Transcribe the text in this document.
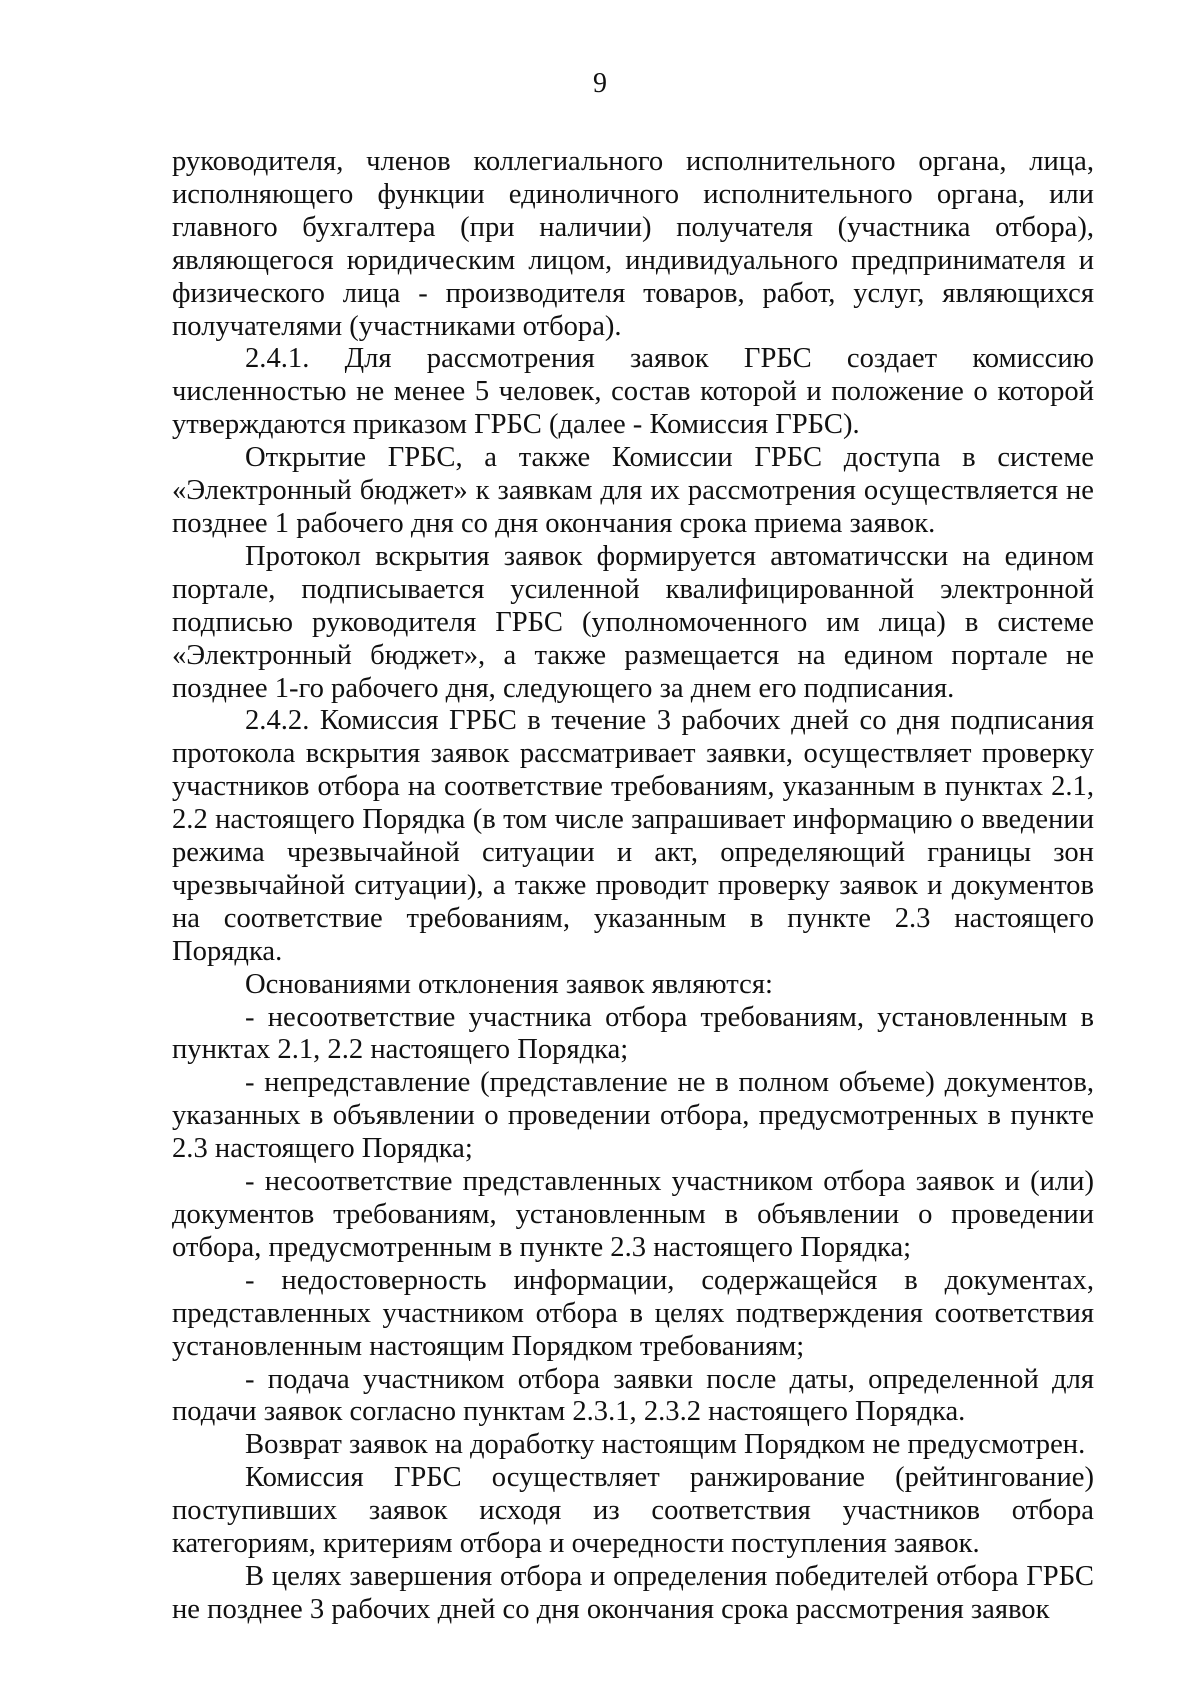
9

руководителя, членов коллегиального исполнительного органа, лица, исполняющего функции единоличного исполнительного органа, или главного бухгалтера (при наличии) получателя (участника отбора), являющегося юридическим лицом, индивидуального предпринимателя и физического лица - производителя товаров, работ, услуг, являющихся получателями (участниками отбора).

2.4.1. Для рассмотрения заявок ГРБС создает комиссию численностью не менее 5 человек, состав которой и положение о которой утверждаются приказом ГРБС (далее - Комиссия ГРБС).

Открытие ГРБС, а также Комиссии ГРБС доступа в системе «Электронный бюджет» к заявкам для их рассмотрения осуществляется не позднее 1 рабочего дня со дня окончания срока приема заявок.

Протокол вскрытия заявок формируется автоматичсски на едином портале, подписывается усиленной квалифицированной электронной подписью руководителя ГРБС (уполномоченного им лица) в системе «Электронный бюджет», а также размещается на едином портале не позднее 1-го рабочего дня, следующего за днем его подписания.

2.4.2. Комиссия ГРБС в течение 3 рабочих дней со дня подписания протокола вскрытия заявок рассматривает заявки, осуществляет проверку участников отбора на соответствие требованиям, указанным в пунктах 2.1, 2.2 настоящего Порядка (в том числе запрашивает информацию о введении режима чрезвычайной ситуации и акт, определяющий границы зон чрезвычайной ситуации), а также проводит проверку заявок и документов на соответствие требованиям, указанным в пункте 2.3 настоящего Порядка.

Основаниями отклонения заявок являются:

- несоответствие участника отбора требованиям, установленным в пунктах 2.1, 2.2 настоящего Порядка;

- непредставление (представление не в полном объеме) документов, указанных в объявлении о проведении отбора, предусмотренных в пункте 2.3 настоящего Порядка;

- несоответствие представленных участником отбора заявок и (или) документов требованиям, установленным в объявлении о проведении отбора, предусмотренным в пункте 2.3 настоящего Порядка;

- недостоверность информации, содержащейся в документах, представленных участником отбора в целях подтверждения соответствия установленным настоящим Порядком требованиям;

- подача участником отбора заявки после даты, определенной для подачи заявок согласно пунктам 2.3.1, 2.3.2 настоящего Порядка.

Возврат заявок на доработку настоящим Порядком не предусмотрен.

Комиссия ГРБС осуществляет ранжирование (рейтингование) поступивших заявок исходя из соответствия участников отбора категориям, критериям отбора и очередности поступления заявок.

В целях завершения отбора и определения победителей отбора ГРБС не позднее 3 рабочих дней со дня окончания срока рассмотрения заявок
